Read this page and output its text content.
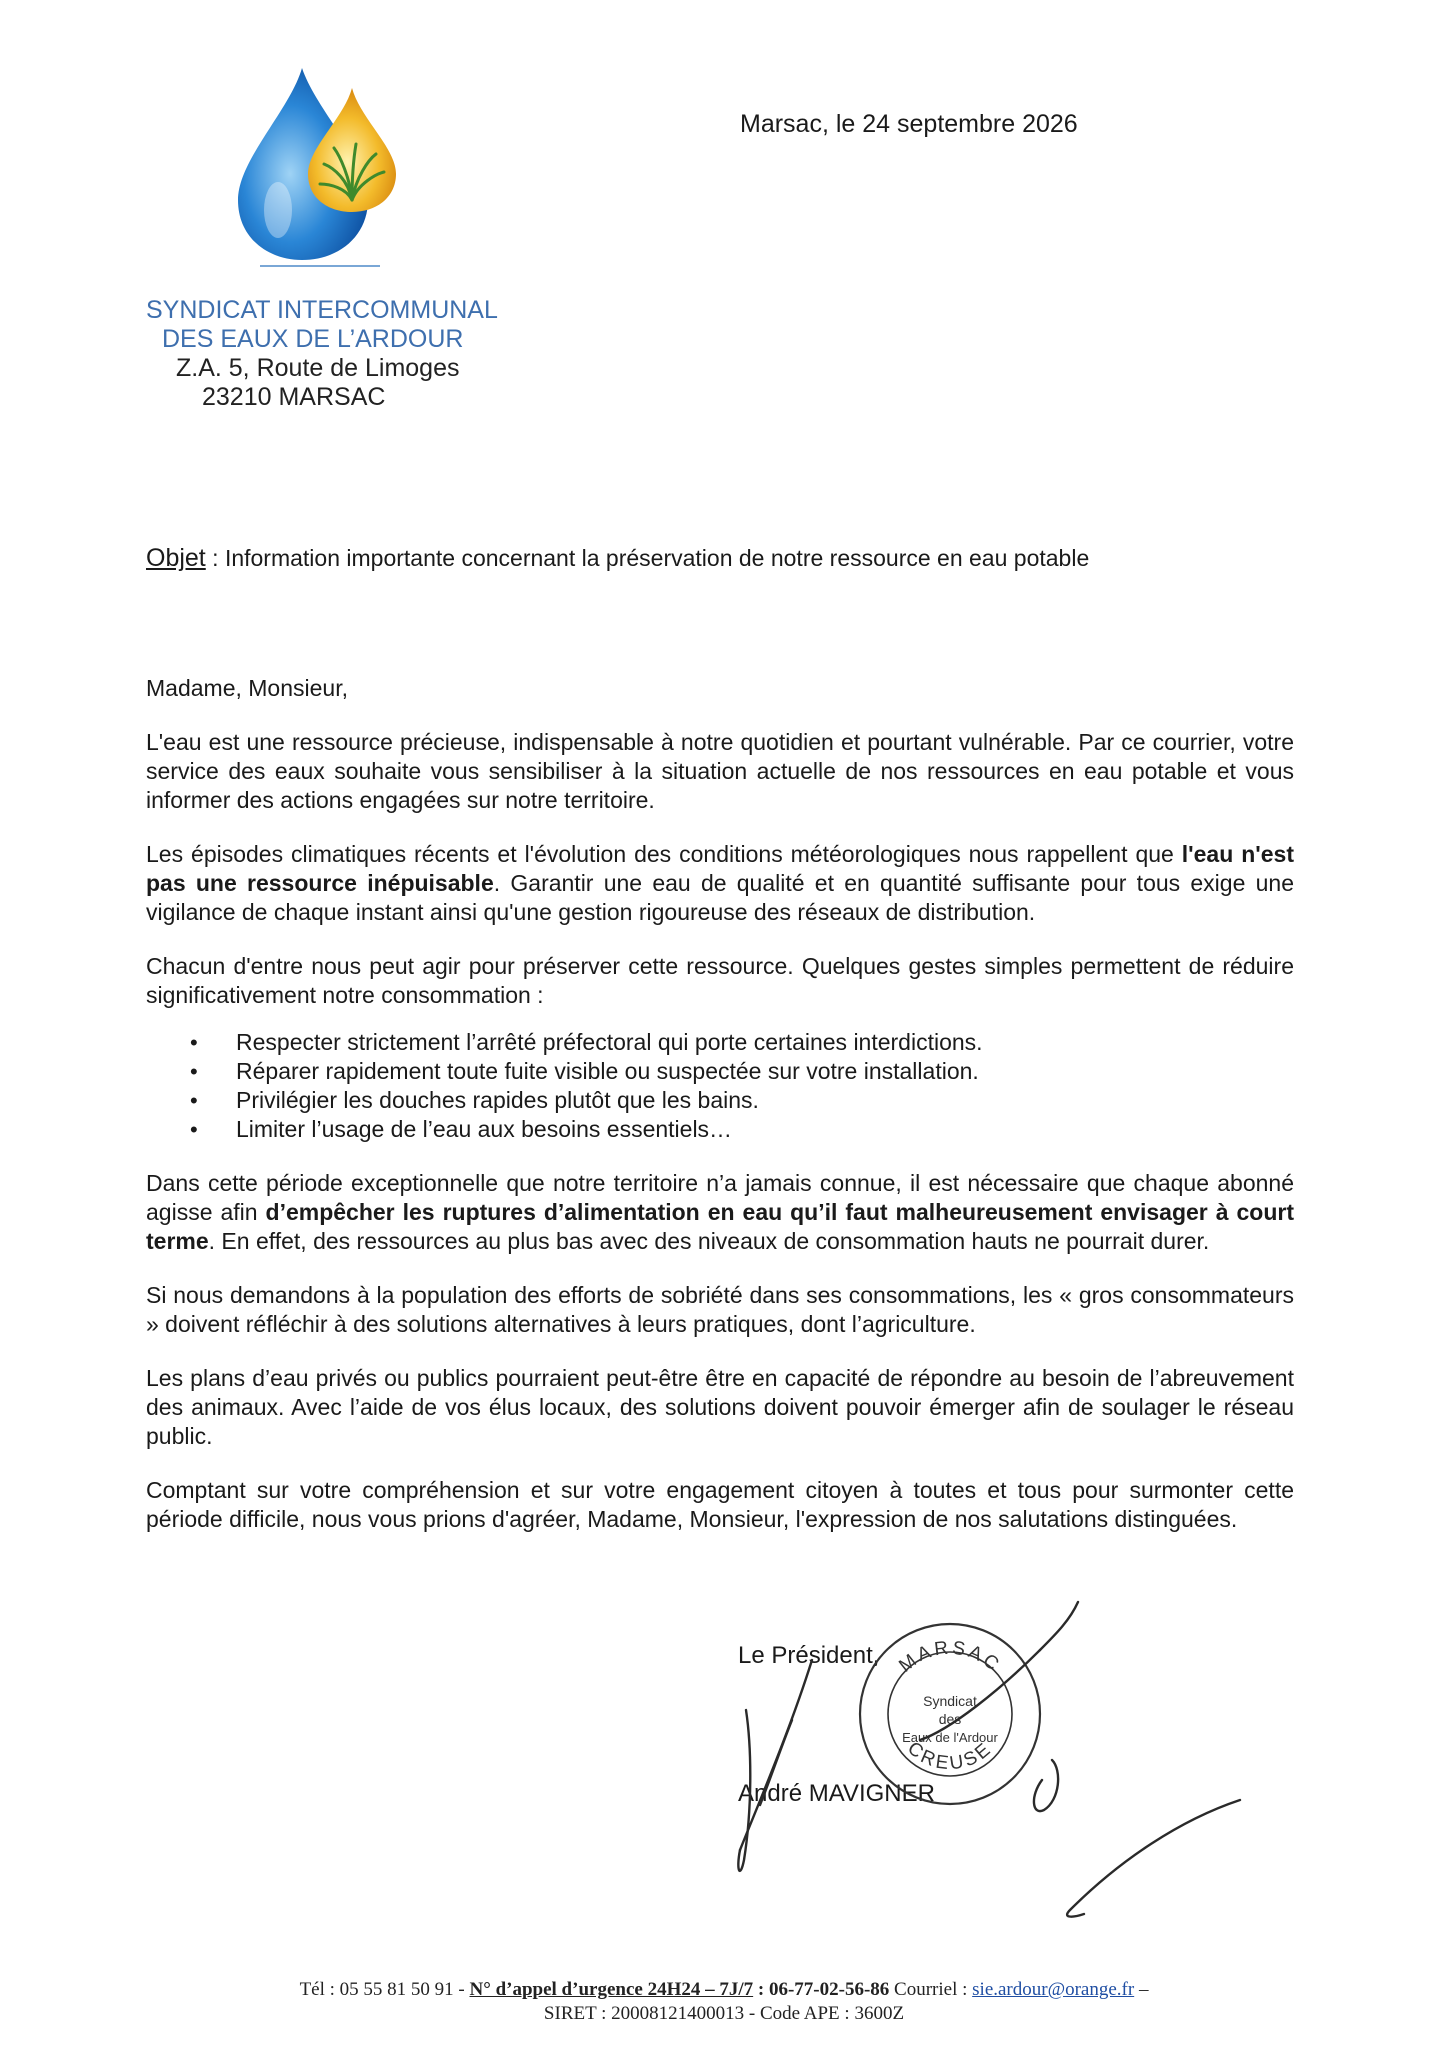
Marsac, le 24 septembre 2026
SYNDICAT INTERCOMMUNAL
DES EAUX DE L’ARDOUR
Z.A. 5, Route de Limoges
23210 MARSAC
Objet : Information importante concernant la préservation de notre ressource en eau potable

Madame, Monsieur,

L'eau est une ressource précieuse, indispensable à notre quotidien et pourtant vulnérable. Par ce courrier, votre service des eaux souhaite vous sensibiliser à la situation actuelle de nos ressources en eau potable et vous informer des actions engagées sur notre territoire.

Les épisodes climatiques récents et l'évolution des conditions météorologiques nous rappellent que l'eau n'est pas une ressource inépuisable. Garantir une eau de qualité et en quantité suffisante pour tous exige une vigilance de chaque instant ainsi qu'une gestion rigoureuse des réseaux de distribution.

Chacun d'entre nous peut agir pour préserver cette ressource. Quelques gestes simples permettent de réduire significativement notre consommation :

• Respecter strictement l’arrêté préfectoral qui porte certaines interdictions.
• Réparer rapidement toute fuite visible ou suspectée sur votre installation.
• Privilégier les douches rapides plutôt que les bains.
• Limiter l’usage de l’eau aux besoins essentiels…

Dans cette période exceptionnelle que notre territoire n’a jamais connue, il est nécessaire que chaque abonné agisse afin d’empêcher les ruptures d’alimentation en eau qu’il faut malheureusement envisager à court terme. En effet, des ressources au plus bas avec des niveaux de consommation hauts ne pourrait durer.

Si nous demandons à la population des efforts de sobriété dans ses consommations, les « gros consommateurs » doivent réfléchir à des solutions alternatives à leurs pratiques, dont l’agriculture.

Les plans d’eau privés ou publics pourraient peut-être être en capacité de répondre au besoin de l’abreuvement des animaux. Avec l’aide de vos élus locaux, des solutions doivent pouvoir émerger afin de soulager le réseau public.

Comptant sur votre compréhension et sur votre engagement citoyen à toutes et tous pour surmonter cette période difficile, nous vous prions d'agréer, Madame, Monsieur, l'expression de nos salutations distinguées.

Le Président,
André MAVIGNER
MARSAC
CREUSE
Syndicat
des
Eaux de l'Ardour
Tél : 05 55 81 50 91 - N° d’appel d’urgence 24H24 – 7J/7 : 06-77-02-56-86 Courriel : sie.ardour@orange.fr –
SIRET : 20008121400013 - Code APE : 3600Z
